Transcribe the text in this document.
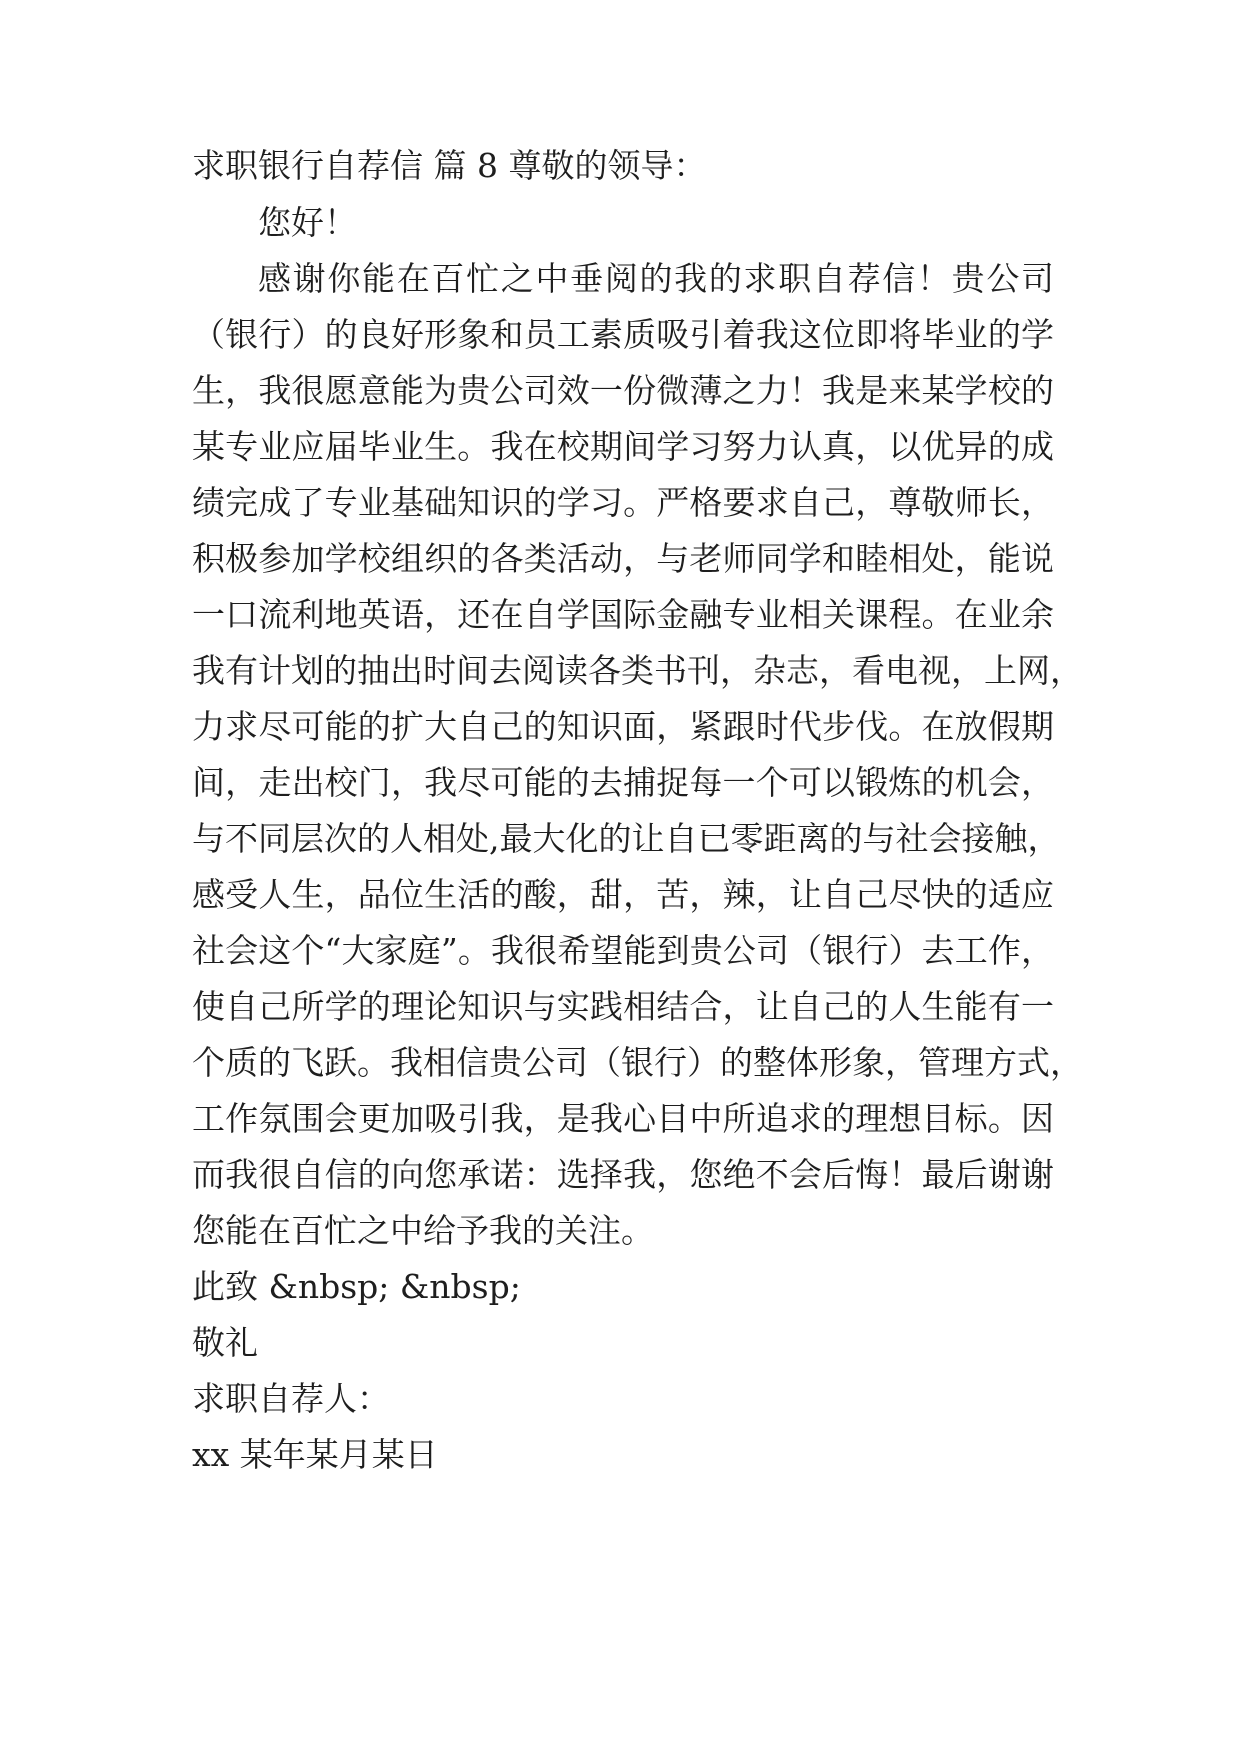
求职银行自荐信 篇 8 尊敬的领导：
您好！
感谢你能在百忙之中垂阅的我的求职自荐信！贵公司
（银行）的良好形象和员工素质吸引着我这位即将毕业的学
生，我很愿意能为贵公司效一份微薄之力！我是来某学校的
某专业应届毕业生。我在校期间学习努力认真，以优异的成
绩完成了专业基础知识的学习。严格要求自己，尊敬师长，
积极参加学校组织的各类活动，与老师同学和睦相处，能说
一口流利地英语，还在自学国际金融专业相关课程。在业余
我有计划的抽出时间去阅读各类书刊，杂志，看电视，上网，
力求尽可能的扩大自己的知识面，紧跟时代步伐。在放假期
间，走出校门，我尽可能的去捕捉每一个可以锻炼的机会，
与不同层次的人相处,最大化的让自已零距离的与社会接触，
感受人生，品位生活的酸，甜，苦，辣，让自己尽快的适应
社会这个“大家庭”。我很希望能到贵公司（银行）去工作，
使自己所学的理论知识与实践相结合，让自己的人生能有一
个质的飞跃。我相信贵公司（银行）的整体形象，管理方式，
工作氛围会更加吸引我，是我心目中所追求的理想目标。因
而我很自信的向您承诺：选择我，您绝不会后悔！最后谢谢
您能在百忙之中给予我的关注。
此致 &nbsp; &nbsp;
敬礼
求职自荐人：
xx 某年某月某日
